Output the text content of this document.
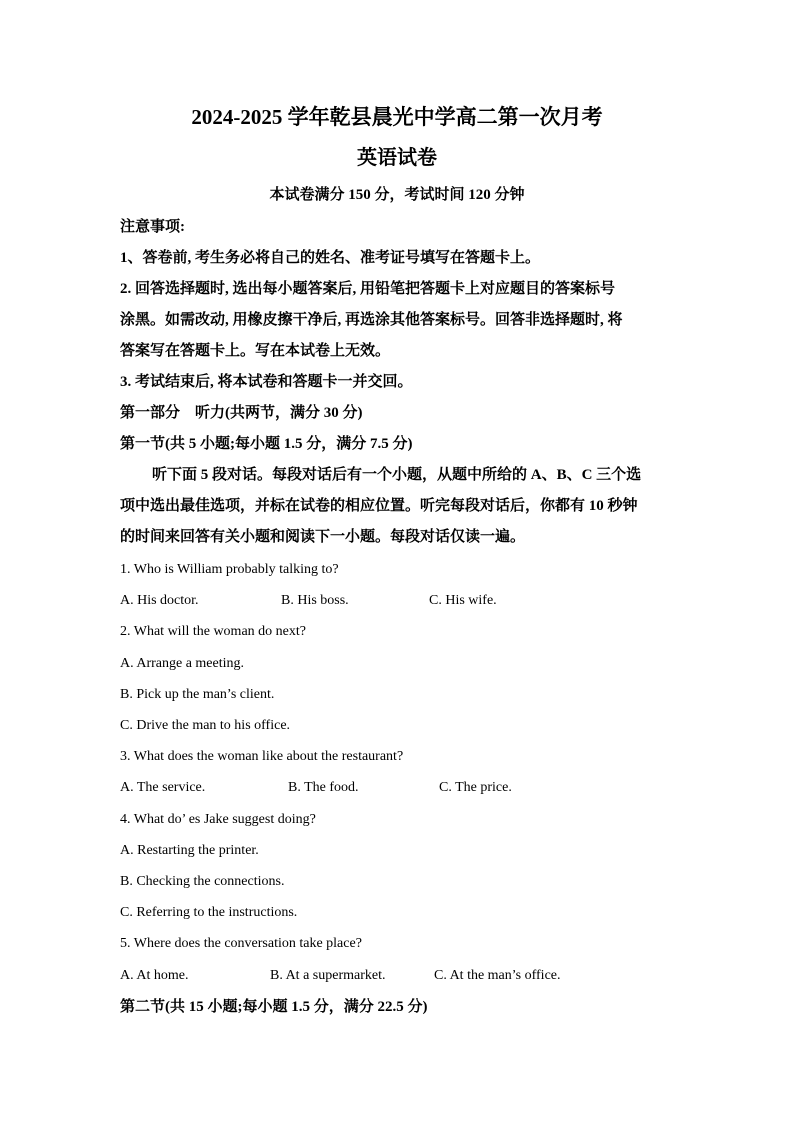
2024-2025 学年乾县晨光中学高二第一次月考
英语试卷
本试卷满分 150 分，考试时间 120 分钟
注意事项:
1、答卷前, 考生务必将自己的姓名、准考证号填写在答题卡上。
2. 回答选择题时, 选出每小题答案后, 用铅笔把答题卡上对应题目的答案标号
涂黑。如需改动, 用橡皮擦干净后, 再选涂其他答案标号。回答非选择题时, 将
答案写在答题卡上。写在本试卷上无效。
3. 考试结束后, 将本试卷和答题卡一并交回。
第一部分　听力(共两节，满分 30 分)
第一节(共 5 小题;每小题 1.5 分，满分 7.5 分)
听下面 5 段对话。每段对话后有一个小题，从题中所给的 A、B、C 三个选
项中选出最佳选项，并标在试卷的相应位置。听完每段对话后，你都有 10 秒钟
的时间来回答有关小题和阅读下一小题。每段对话仅读一遍。
1. Who is William probably talking to?
A. His doctor.	B. His boss.	C. His wife.
2. What will the woman do next?
A. Arrange a meeting.
B. Pick up the man’s client.
C. Drive the man to his office.
3. What does the woman like about the restaurant?
A. The service.	B. The food.	C. The price.
4. What do’ es Jake suggest doing?
A. Restarting the printer.
B. Checking the connections.
C. Referring to the instructions.
5. Where does the conversation take place?
A. At home.	B. At a supermarket.	C. At the man’s office.
第二节(共 15 小题;每小题 1.5 分，满分 22.5 分)
